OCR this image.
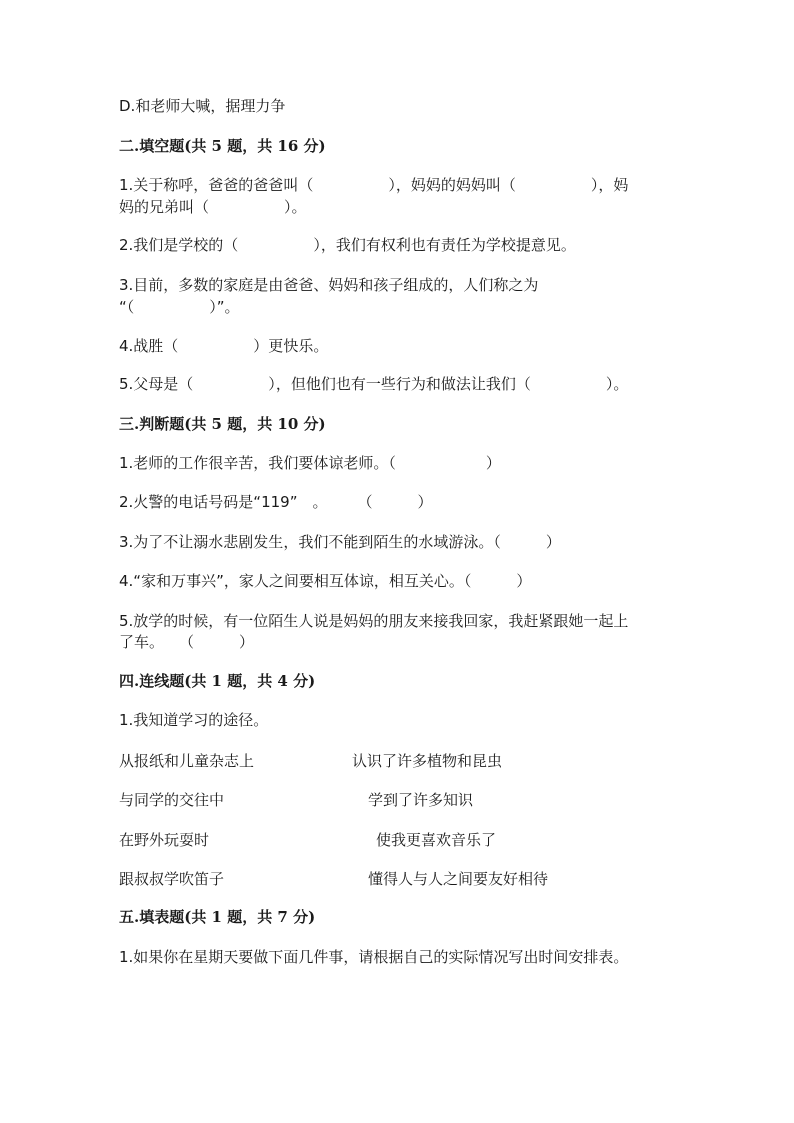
D.和老师大喊，据理力争

二.填空题(共 5 题，共 16 分)

1.关于称呼，爸爸的爸爸叫（　　　　　），妈妈的妈妈叫（　　　　　），妈

妈的兄弟叫（　　　　　）。

2.我们是学校的（　　　　　），我们有权利也有责任为学校提意见。

3.目前，多数的家庭是由爸爸、妈妈和孩子组成的，人们称之为

“（　　　　　）”。

4.战胜（　　　　　）更快乐。

5.父母是（　　　　　），但他们也有一些行为和做法让我们（　　　　　）。

三.判断题(共 5 题，共 10 分)

1.老师的工作很辛苦，我们要体谅老师。（　　　　　　）

2.火警的电话号码是“119”　。　　　（　　　）

3.为了不让溺水悲剧发生，我们不能到陌生的水域游泳。（　　　）

4.“家和万事兴”，家人之间要相互体谅，相互关心。（　　　）

5.放学的时候，有一位陌生人说是妈妈的朋友来接我回家，我赶紧跟她一起上

了车。　　（　　　）

四.连线题(共 1 题，共 4 分)

1.我知道学习的途径。

从报纸和儿童杂志上	认识了许多植物和昆虫

与同学的交往中	学到了许多知识

在野外玩耍时	使我更喜欢音乐了

跟叔叔学吹笛子	懂得人与人之间要友好相待

五.填表题(共 1 题，共 7 分)

1.如果你在星期天要做下面几件事，请根据自己的实际情况写出时间安排表。
